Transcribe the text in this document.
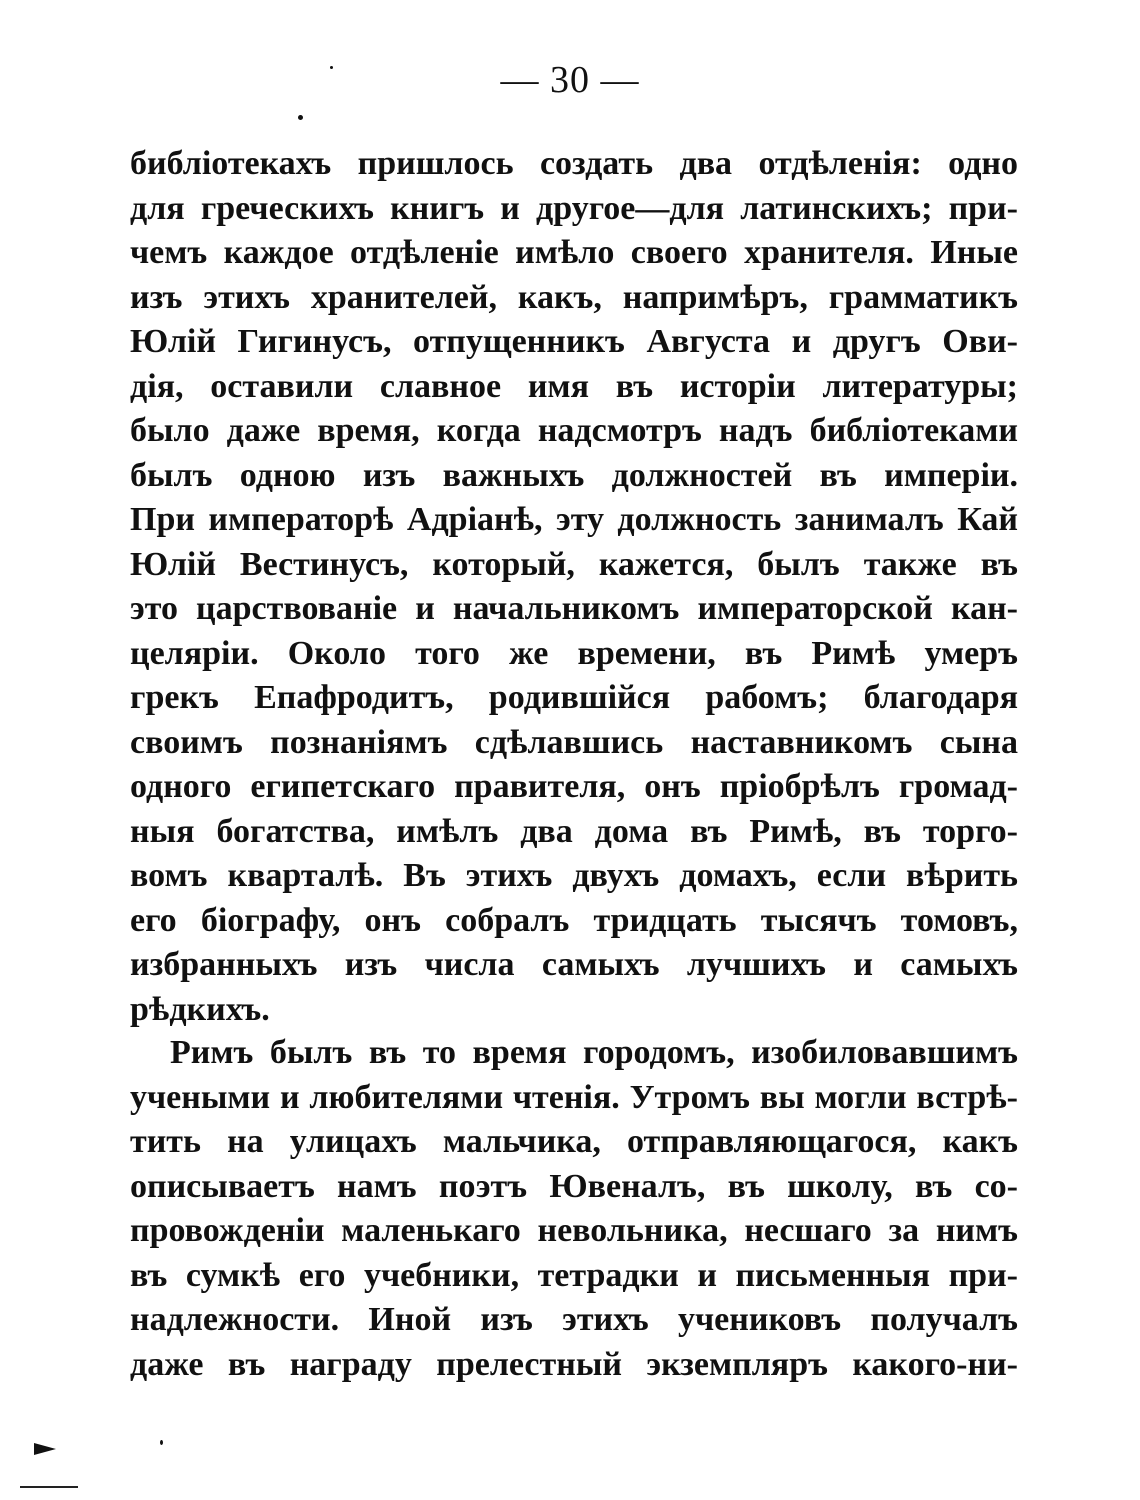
— 30 —
библіотекахъ пришлось создать два отдѣленія: одно
для греческихъ книгъ и другое—для латинскихъ; при-
чемъ каждое отдѣленіе имѣло своего хранителя. Иные
изъ этихъ хранителей, какъ, напримѣръ, грамматикъ
Юлій Гигинусъ, отпущенникъ Августа и другъ Ови-
дія, оставили славное имя въ исторіи литературы;
было даже время, когда надсмотръ надъ библіотеками
былъ одною изъ важныхъ должностей въ имперіи.
При императорѣ Адріанѣ, эту должность занималъ Кай
Юлій Вестинусъ, который, кажется, былъ также въ
это царствованіе и начальникомъ императорской кан-
целяріи. Около того же времени, въ Римѣ умеръ
грекъ Епафродитъ, родившійся рабомъ; благодаря
своимъ познаніямъ сдѣлавшись наставникомъ сына
одного египетскаго правителя, онъ пріобрѣлъ громад-
ныя богатства, имѣлъ два дома въ Римѣ, въ торго-
вомъ кварталѣ. Въ этихъ двухъ домахъ, если вѣрить
его біографу, онъ собралъ тридцать тысячъ томовъ,
избранныхъ изъ числа самыхъ лучшихъ и самыхъ
рѣдкихъ.
Римъ былъ въ то время городомъ, изобиловавшимъ
учеными и любителями чтенія. Утромъ вы могли встрѣ-
тить на улицахъ мальчика, отправляющагося, какъ
описываетъ намъ поэтъ Ювеналъ, въ школу, въ со-
провожденіи маленькаго невольника, несшаго за нимъ
въ сумкѣ его учебники, тетрадки и письменныя при-
надлежности. Иной изъ этихъ учениковъ получалъ
даже въ награду прелестный экземпляръ какого-ни-
